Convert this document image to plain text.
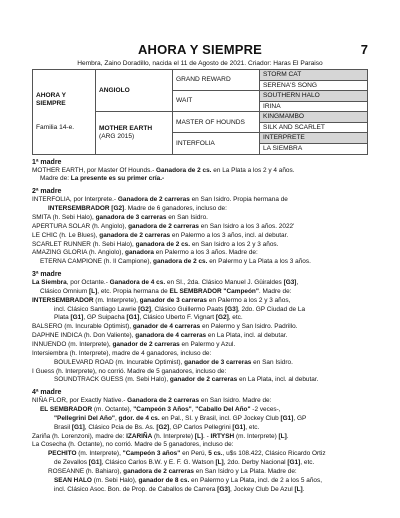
AHORA Y SIEMPRE	7
Hembra, Zaino Doradillo, nacida el 11 de Agosto de 2021. Criador: Haras El Paraiso
AHORA Y SIEMPRE
Familia 14-e.	ANGIOLO	GRAND REWARD	STORM CAT
			SERENA'S SONG
		WAIT	SOUTHERN HALO
			IRINA

	MOTHER EARTH
(ARG 2015)	MASTER OF HOUNDS	KINGMAMBO
			SILK AND SCARLET
		INTERFOLIA	INTERPRETE
			LA SIEMBRA
1ª madre
MOTHER EARTH, por Master Of Hounds.- Ganadora de 2 cs. en La Plata a los 2 y 4 años.
Madre de: La presente es su primer cría.-
2ª madre
INTERFOLIA, por Interprete.- Ganadora de 2 carreras en San Isidro. Propia hermana de
INTERSEMBRADOR [G2]. Madre de 6 ganadores, incluso de:
SMITA (h. Sebi Halo), ganadora de 3 carreras en San Isidro.
APERTURA SOLAR (h. Angiolo), ganadora de 2 carreras en San Isidro a los 3 años. 2022'
LE CHIC (h. Le Blues), ganadora de 2 carreras en Palermo a los 3 años, incl. al debutar.
SCARLET RUNNER (h. Sebi Halo), ganadora de 2 cs. en San Isidro a los 2 y 3 años.
AMAZING GLORIA (h. Angiolo), ganadora en Palermo a los 3 años. Madre de:
ETERNA CAMPIONE (h. Il Campione), ganadora de 2 cs. en Palermo y La Plata a los 3 años.
3ª madre
La Siembra, por Octante.- Ganadora de 4 cs. en SI., 2da. Clásico Manuel J. Güiraldes [G3],
Clásico Omnium [L], etc. Propia hermana de EL SEMBRADOR "Campeón". Madre de:
INTERSEMBRADOR (m. Interprete), ganador de 3 carreras en Palermo a los 2 y 3 años,
incl. Clásico Santiago Lawrie [G2], Clásico Guillermo Paats [G3], 2do. GP Ciudad de La
Plata [G1], GP Suipacha [G1], Clásico Uberto F. Vignart [G2], etc.
BALSERO (m. Incurable Optimist), ganador de 4 carreras en Palermo y San Isidro. Padrillo.
DAPHNE INDICA (h. Don Valiente), ganadora de 4 carreras en La Plata, incl. al debutar.
INNUENDO (m. Interprete), ganador de 2 carreras en Palermo y Azul.
Intersiembra (h. Interprete), madre de 4 ganadores, incluso de:
BOULEVARD ROAD (m. Incurable Optimist), ganador de 3 carreras en San Isidro.
I Guess (h. Interprete), no corrió. Madre de 5 ganadores, incluso de:
SOUNDTRACK GUESS (m. Sebi Halo), ganador de 2 carreras en La Plata, incl. al debutar.
4ª madre
NIÑA FLOR, por Exactly Native.- Ganadora de 2 carreras en San Isidro. Madre de:
EL SEMBRADOR (m. Octante), "Campeón 3 Años", "Caballo Del Año" -2 veces-,
"Pellegrini Del Año", gdor. de 4 cs. en Pal., SI. y Brasil, incl. GP Jockey Club [G1], GP
Brasil [G1], Clásico Pcia de Bs. As. [G2], GP Carlos Pellegrini [G1], etc.
Zariña (h. Lorenzoni), madre de: IZARIÑA (h. Interprete) [L]. - IRTYSH (m. Interprete) [L].
La Cosecha (h. Octante), no corrió. Madre de 5 ganadores, incluso de:
PECHITO (m. Interprete), "Campeón 3 años" en Perú, 5 cs., u$s 108.422, Clásico Ricardo Ortiz
de Zevallos [G1], Clásico Carlos B.W. y E. F. G. Watson [L], 2do. Derby Nacional [G1], etc.
ROSEANNE (h. Bahiaro), ganadora de 2 carreras en San Isidro y La Plata. Madre de:
SEAN HALO (m. Sebi Halo), ganador de 8 cs. en Palermo y La Plata, incl. de 2 a los 5 años,
incl. Clásico Asoc. Bon. de Prop. de Caballos de Carrera [G3], Jockey Club De Azul [L].
